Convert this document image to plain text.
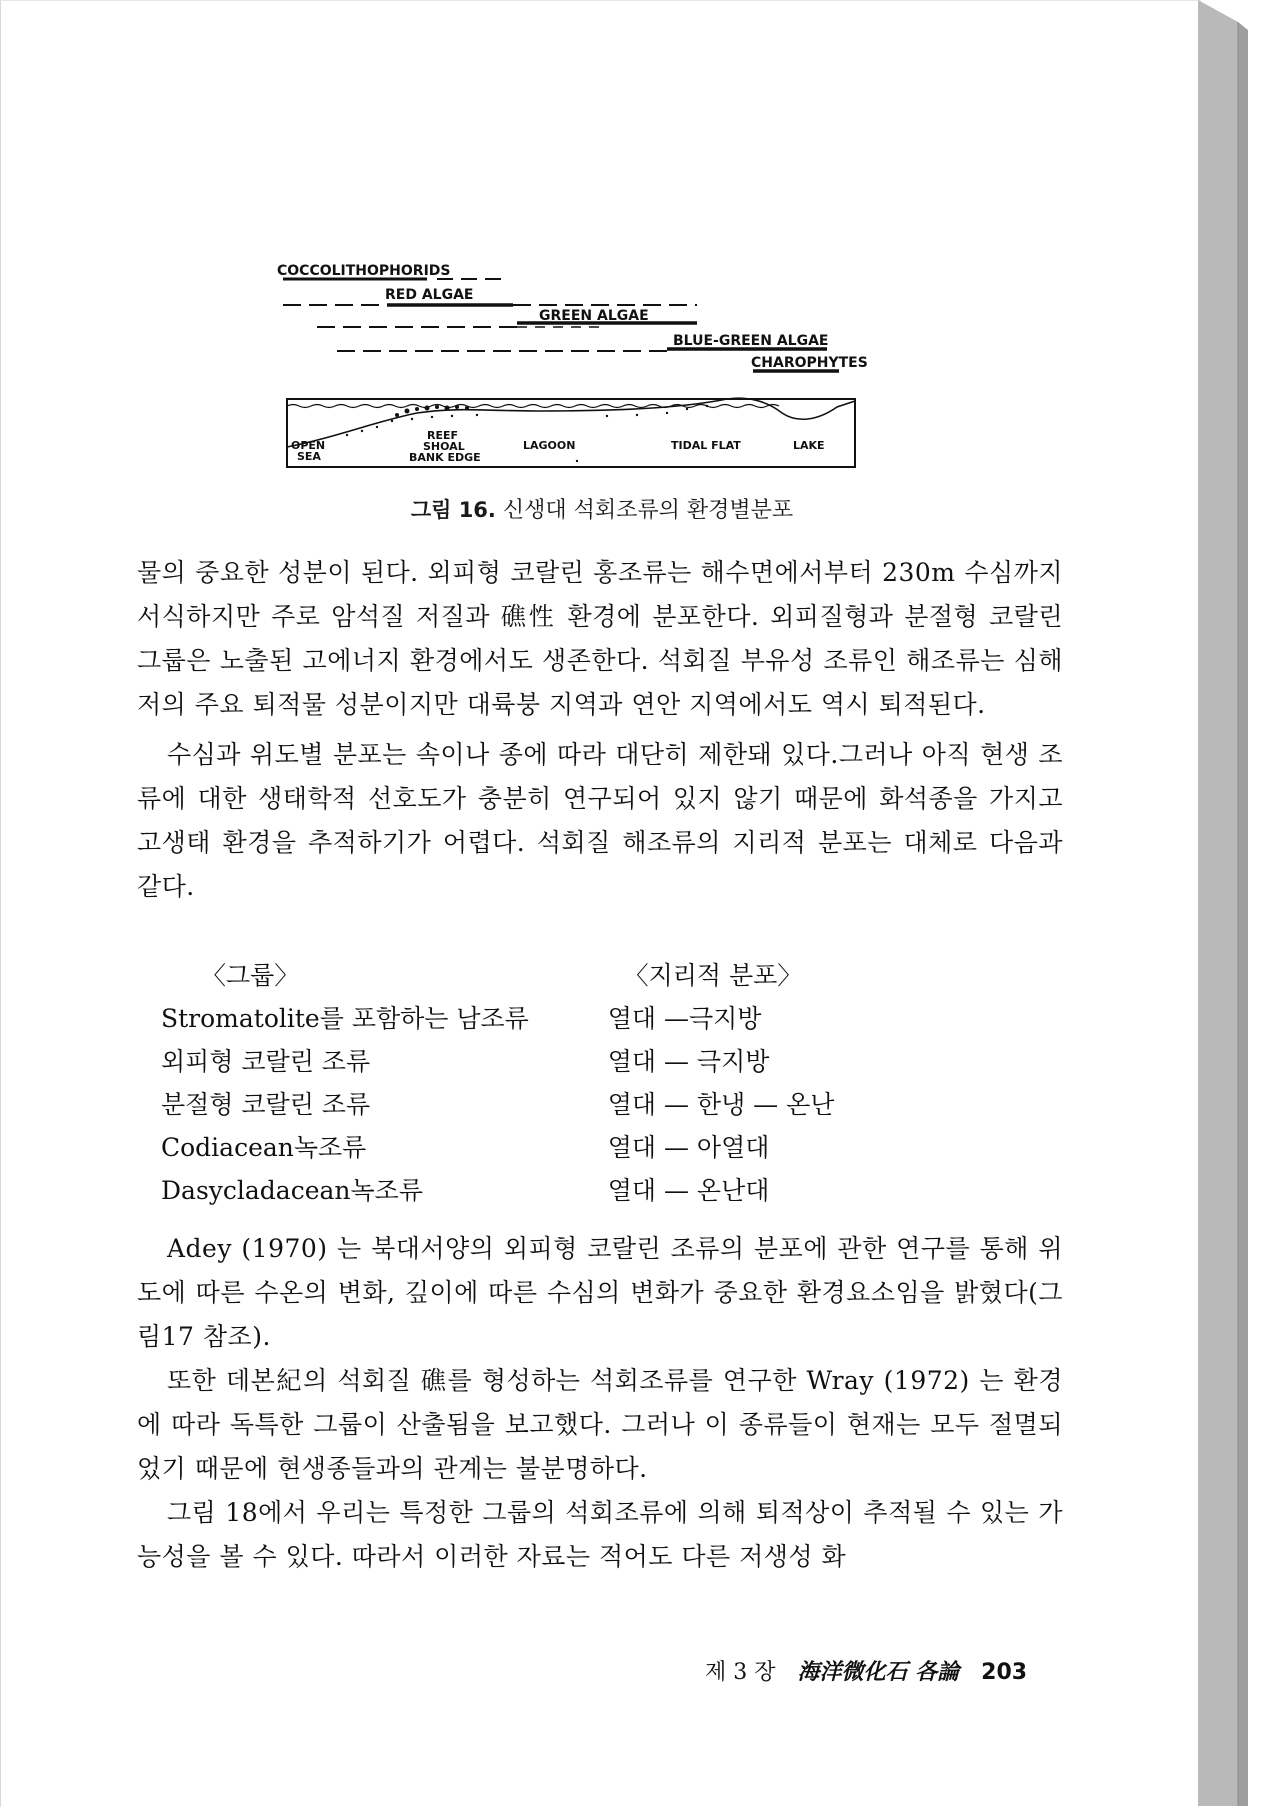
COCCOLITHOPHORIDS
RED ALGAE
GREEN ALGAE
BLUE-GREEN ALGAE
CHAROPHYTES
OPEN
SEA
REEF
SHOAL
BANK EDGE
LAGOON	TIDAL FLAT	LAKE
그림 16. 신생대 석회조류의 환경별분포

물의 중요한 성분이 된다. 외피형 코랄린 홍조류는 해수면에서부터 230m 수심까지 서식하지만 주로 암석질 저질과 礁性 환경에 분포한다. 외피질형과 분절형 코랄린 그룹은 노출된 고에너지 환경에서도 생존한다. 석회질 부유성 조류인 해조류는 심해저의 주요 퇴적물 성분이지만 대륙붕 지역과 연안 지역에서도 역시 퇴적된다.

수심과 위도별 분포는 속이나 종에 따라 대단히 제한돼 있다.그러나 아직 현생 조류에 대한 생태학적 선호도가 충분히 연구되어 있지 않기 때문에 화석종을 가지고 고생태 환경을 추적하기가 어렵다. 석회질 해조류의 지리적 분포는 대체로 다음과 같다.

〈그룹〉	〈지리적 분포〉
Stromatolite를 포함하는 남조류	열대 —극지방
외피형 코랄린 조류	열대 — 극지방
분절형 코랄린 조류	열대 — 한냉 — 온난
Codiacean녹조류	열대 — 아열대
Dasycladacean녹조류	열대 — 온난대

Adey (1970) 는 북대서양의 외피형 코랄린 조류의 분포에 관한 연구를 통해 위도에 따른 수온의 변화, 깊이에 따른 수심의 변화가 중요한 환경요소임을 밝혔다(그림17 참조).

또한 데본紀의 석회질 礁를 형성하는 석회조류를 연구한 Wray (1972) 는 환경에 따라 독특한 그룹이 산출됨을 보고했다. 그러나 이 종류들이 현재는 모두 절멸되었기 때문에 현생종들과의 관계는 불분명하다.

그림 18에서 우리는 특정한 그룹의 석회조류에 의해 퇴적상이 추적될 수 있는 가능성을 볼 수 있다. 따라서 이러한 자료는 적어도 다른 저생성 화

제 3 장 海洋微化石 各論 203
